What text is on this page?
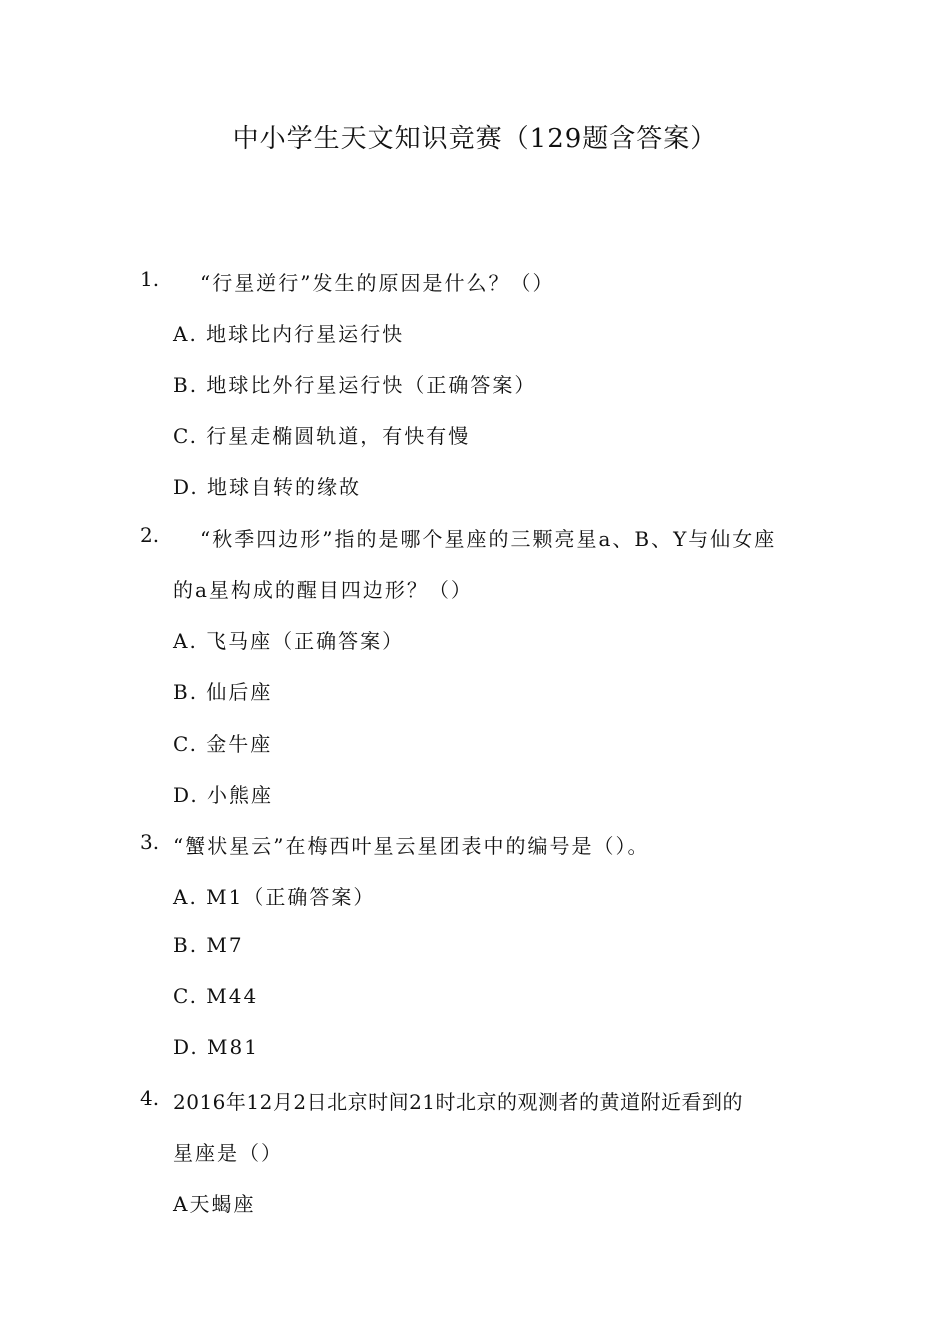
中小学生天文知识竞赛（129题含答案）
1. “行星逆行”发生的原因是什么？（）
A. 地球比内行星运行快
B. 地球比外行星运行快（正确答案）
C. 行星走椭圆轨道，有快有慢
D. 地球自转的缘故
2. “秋季四边形”指的是哪个星座的三颗亮星a、B、Y与仙女座
的a星构成的醒目四边形？（）
A. 飞马座（正确答案）
B. 仙后座
C. 金牛座
D. 小熊座
3. “蟹状星云”在梅西叶星云星团表中的编号是（）。
A. M1（正确答案）
B. M7
C. M44
D. M81
4. 2016年12月2日北京时间21时北京的观测者的黄道附近看到的
星座是（）
A天蝎座
